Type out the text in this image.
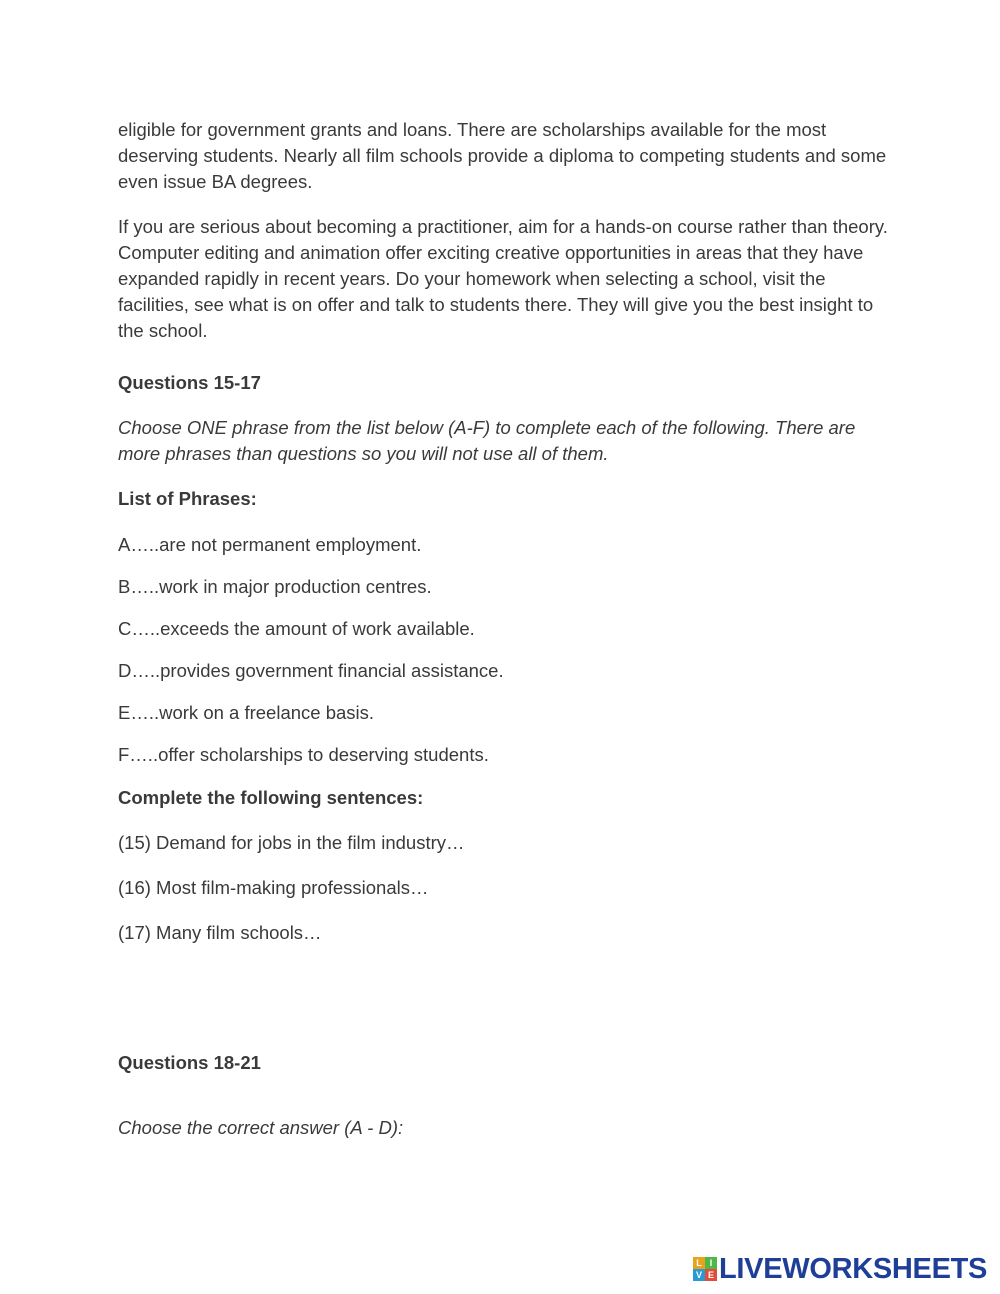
eligible for government grants and loans. There are scholarships available for the most deserving students. Nearly all film schools provide a diploma to competing students and some even issue BA degrees.

If you are serious about becoming a practitioner, aim for a hands-on course rather than theory. Computer editing and animation offer exciting creative opportunities in areas that they have expanded rapidly in recent years. Do your homework when selecting a school, visit the facilities, see what is on offer and talk to students there. They will give you the best insight to the school.

Questions 15-17

Choose ONE phrase from the list below (A-F) to complete each of the following. There are more phrases than questions so you will not use all of them.

List of Phrases:

A…..are not permanent employment.

B…..work in major production centres.

C…..exceeds the amount of work available.

D…..provides government financial assistance.

E…..work on a freelance basis.

F…..offer scholarships to deserving students.

Complete the following sentences:

(15) Demand for jobs in the film industry…

(16) Most film-making professionals…

(17) Many film schools…

Questions 18-21

Choose the correct answer (A - D):

L I
V E LIVEWORKSHEETS
